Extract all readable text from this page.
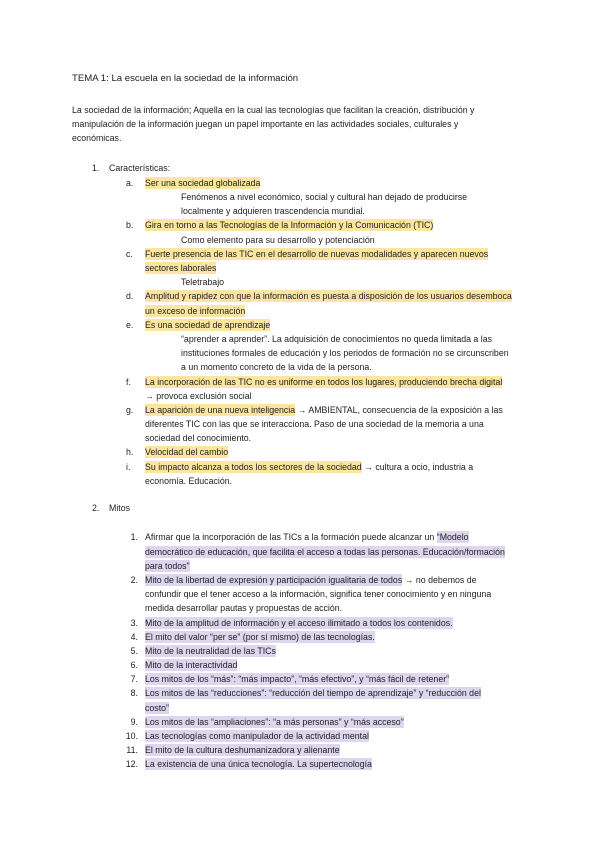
TEMA 1: La escuela en la sociedad de la información
La sociedad de la información; Aquella en la cual las tecnologías que facilitan la creación, distribución y
manipulación de la información juegan un papel importante en las actividades sociales, culturales y
económicas.
1. Características:
a. Ser una sociedad globalizada
Fenómenos a nivel económico, social y cultural han dejado de producirse
localmente y adquieren trascendencia mundial.
b. Gira en torno a las Tecnologías de la Información y la Comunicación (TIC)
Como elemento para su desarrollo y potenciación
c. Fuerte presencia de las TIC en el desarrollo de nuevas modalidades y aparecen nuevos
sectores laborales
Teletrabajo
d. Amplitud y rapidez con que la información es puesta a disposición de los usuarios desemboca
un exceso de información
e. Es una sociedad de aprendizaje
“aprender a aprender”. La adquisición de conocimientos no queda limitada a las
instituciones formales de educación y los periodos de formación no se circunscriben
a un momento concreto de la vida de la persona.
f. La incorporación de las TIC no es uniforme en todos los lugares, produciendo brecha digital
→ provoca exclusión social
g. La aparición de una nueva inteligencia → AMBIENTAL, consecuencia de la exposición a las
diferentes TIC con las que se interacciona. Paso de una sociedad de la memoria a una
sociedad del conocimiento.
h. Velocidad del cambio
i. Su impacto alcanza a todos los sectores de la sociedad → cultura a ocio, industria a
economía. Educación.
2. Mitos
1. Afirmar que la incorporación de las TICs a la formación puede alcanzar un “Modelo
democrático de educación, que facilita el acceso a todas las personas. Educación/formación
para todos”
2. Mito de la libertad de expresión y participación igualitaria de todos → no debemos de
confundir que el tener acceso a la información, significa tener conocimiento y en ninguna
medida desarrollar pautas y propuestas de acción.
3. Mito de la amplitud de información y el acceso ilimitado a todos los contenidos.
4. El mito del valor “per se” (por sí mismo) de las tecnologías.
5. Mito de la neutralidad de las TICs
6. Mito de la interactividad
7. Los mitos de los “más”: “más impacto”, “más efectivo”, y “más fácil de retener”
8. Los mitos de las “reducciones”: “reducción del tiempo de aprendizaje” y “reducción del
costo”
9. Los mitos de las “ampliaciones”: “a más personas” y “más acceso”
10. Las tecnologías como manipulador de la actividad mental
11. El mito de la cultura deshumanizadora y alienante
12. La existencia de una única tecnología. La supertecnología
